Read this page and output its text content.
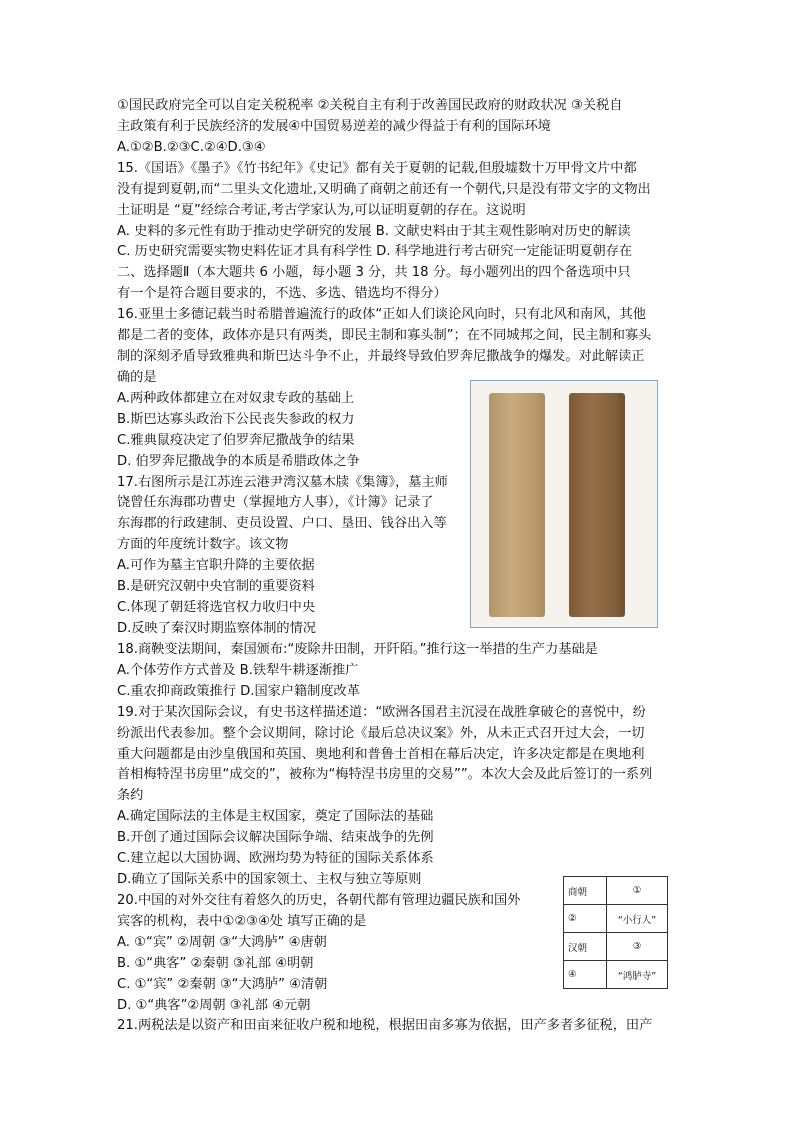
①国民政府完全可以自定关税税率 ②关税自主有利于改善国民政府的财政状况 ③关税自
主政策有利于民族经济的发展④中国贸易逆差的减少得益于有利的国际环境
A.①②B.②③C.②④D.③④
15.《国语》《墨子》《竹书纪年》《史记》都有关于夏朝的记载,但殷墟数十万甲骨文片中都
没有提到夏朝,而“二里头文化遗址,又明确了商朝之前还有一个朝代,只是没有带文字的文物出
土证明是 “夏”经综合考证,考古学家认为,可以证明夏朝的存在。这说明
A. 史料的多元性有助于推动史学研究的发展 B. 文献史料由于其主观性影响对历史的解读
C. 历史研究需要实物史料佐证才具有科学性 D. 科学地进行考古研究一定能证明夏朝存在
二、选择题Ⅱ（本大题共 6 小题，每小题 3 分，共 18 分。每小题列出的四个备选项中只
有一个是符合题目要求的，不选、多选、错选均不得分）
16.亚里士多德记载当时希腊普遍流行的政体“正如人们谈论风向时，只有北风和南风，其他
都是二者的变体，政体亦是只有两类，即民主制和寡头制”；在不同城邦之间，民主制和寡头
制的深刻矛盾导致雅典和斯巴达斗争不止，并最终导致伯罗奔尼撒战争的爆发。对此解读正
确的是
A.两种政体都建立在对奴隶专政的基础上
B.斯巴达寡头政治下公民丧失参政的权力
C.雅典鼠疫决定了伯罗奔尼撒战争的结果
D. 伯罗奔尼撒战争的本质是希腊政体之争
17.右图所示是江苏连云港尹湾汉墓木牍《集簿》，墓主师
饶曾任东海郡功曹史（掌握地方人事），《计簿》记录了
东海郡的行政建制、吏员设置、户口、垦田、钱谷出入等
方面的年度统计数字。该文物
A.可作为墓主官职升降的主要依据
B.是研究汉朝中央官制的重要资料
C.体现了朝廷将选官权力收归中央
D.反映了秦汉时期监察体制的情况
18.商鞅变法期间，秦国颁布:“废除井田制，开阡陌。”推行这一举措的生产力基础是
A.个体劳作方式普及 B.铁犁牛耕逐渐推广
C.重农抑商政策推行 D.国家户籍制度改革
19.对于某次国际会议，有史书这样描述道：“欧洲各国君主沉浸在战胜拿破仑的喜悦中，纷
纷派出代表参加。整个会议期间，除讨论《最后总决议案》外，从未正式召开过大会，一切
重大问题都是由沙皇俄国和英国、奥地利和普鲁士首相在幕后决定，许多决定都是在奥地利
首相梅特涅书房里“成交的”，被称为“梅特涅书房里的交易””。本次大会及此后签订的一系列
条约
A.确定国际法的主体是主权国家，奠定了国际法的基础
B.开创了通过国际会议解决国际争端、结束战争的先例
C.建立起以大国协调、欧洲均势为特征的国际关系体系
D.确立了国际关系中的国家领土、主权与独立等原则
20.中国的对外交往有着悠久的历史，各朝代都有管理边疆民族和国外
宾客的机构，表中①②③④处 填写正确的是
A. ①“宾” ②周朝 ③“大鸿胪” ④唐朝
B. ①“典客” ②秦朝 ③礼部 ④明朝
C. ①“宾” ②秦朝 ③“大鸿胪” ④清朝
D. ①“典客”②周朝 ③礼部 ④元朝
21.两税法是以资产和田亩来征收户税和地税，根据田亩多寡为依据，田产多者多征税，田产
商朝	①
②	“小行人”
汉朝	③
④	“鸿胪寺”
